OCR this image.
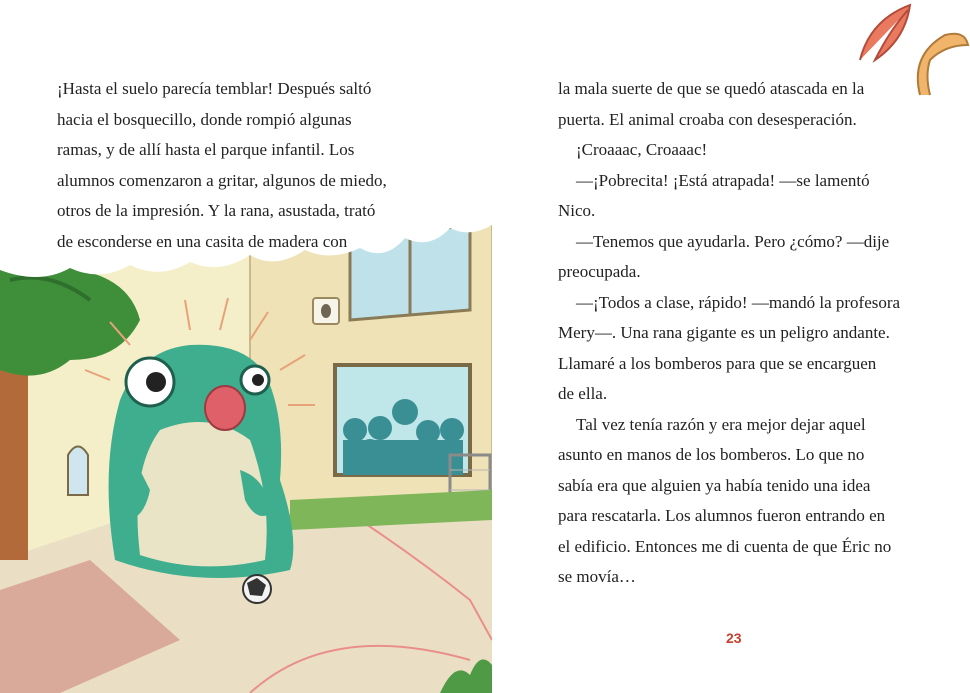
¡Hasta el suelo parecía temblar! Después saltó

hacia el bosquecillo, donde rompió algunas

ramas, y de allí hasta el parque infantil. Los

alumnos comenzaron a gritar, algunos de miedo,

otros de la impresión. Y la rana, asustada, trató

de esconderse en una casita de madera con

la mala suerte de que se quedó atascada en la

puerta. El animal croaba con desesperación.

¡Croaaac, Croaaac!

—¡Pobrecita! ¡Está atrapada! —se lamentó

Nico.

—Tenemos que ayudarla. Pero ¿cómo? —dije

preocupada.

—¡Todos a clase, rápido! —mandó la profesora

Mery—. Una rana gigante es un peligro andante.

Llamaré a los bomberos para que se encarguen

de ella.

Tal vez tenía razón y era mejor dejar aquel

asunto en manos de los bomberos. Lo que no

sabía era que alguien ya había tenido una idea

para rescatarla. Los alumnos fueron entrando en

el edificio. Entonces me di cuenta de que Éric no

se movía…

23
